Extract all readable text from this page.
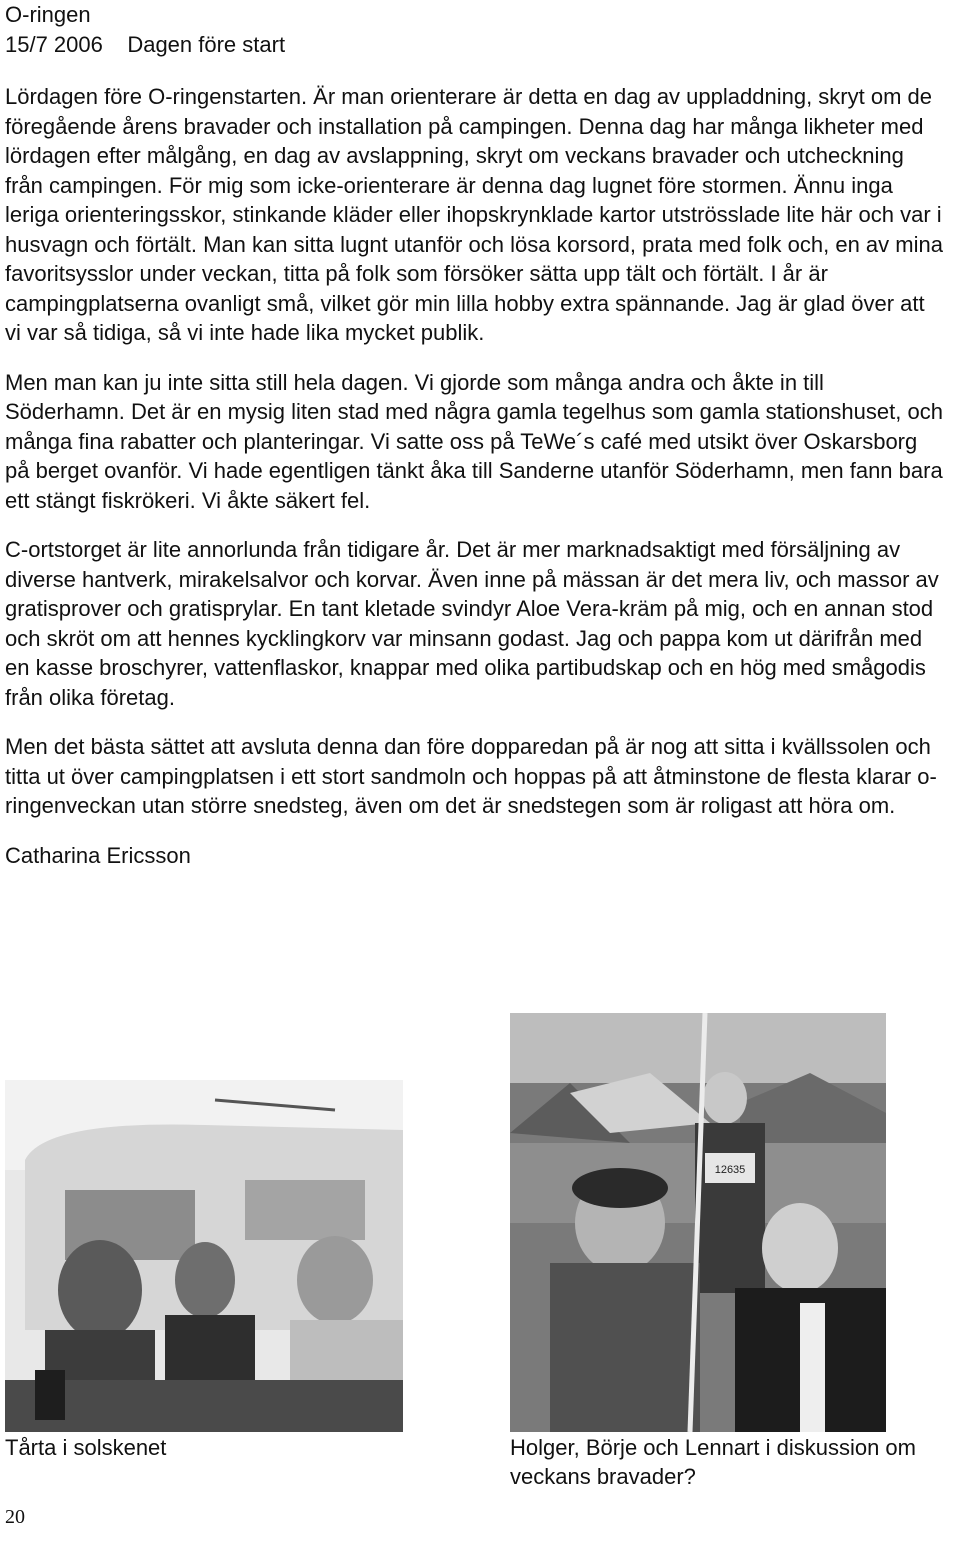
O-ringen
15/7 2006    Dagen före start

Lördagen före O-ringenstarten. Är man orienterare är detta en dag av uppladdning, skryt om de föregående årens bravader och installation på campingen. Denna dag har många likheter med lördagen efter målgång, en dag av avslappning, skryt om veckans bravader och utcheckning från campingen. För mig som icke-orienterare är denna dag lugnet före stormen. Ännu inga leriga orienteringsskor, stinkande kläder eller ihopskrynklade kartor utströsslade lite här och var i husvagn och förtält. Man kan sitta lugnt utanför och lösa korsord, prata med folk och, en av mina favoritsysslor under veckan, titta på folk som försöker sätta upp tält och förtält. I år är campingplatserna ovanligt små, vilket gör min lilla hobby extra spännande. Jag är glad över att vi var så tidiga, så vi inte hade lika mycket publik.

Men man kan ju inte sitta still hela dagen. Vi gjorde som många andra och åkte in till Söderhamn. Det är en mysig liten stad med några gamla tegelhus som gamla stationshuset, och många fina rabatter och planteringar. Vi satte oss på TeWe´s café med utsikt över Oskarsborg på berget ovanför. Vi hade egentligen tänkt åka till Sanderne utanför Söderhamn, men fann bara ett stängt fiskrökeri. Vi åkte säkert fel.

C-ortstorget är lite annorlunda från tidigare år. Det är mer marknadsaktigt med försäljning av diverse hantverk, mirakelsalvor och korvar. Även inne på mässan är det mera liv, och massor av gratisprover och gratisprylar. En tant kletade svindyr Aloe Vera-kräm på mig, och en annan stod och skröt om att hennes kycklingkorv var minsann godast. Jag och pappa kom ut därifrån med en kasse broschyrer, vattenflaskor, knappar med olika partibudskap och en hög med smågodis från olika företag.

Men det bästa sättet att avsluta denna dan före dopparedan på är nog att sitta i kvällssolen och titta ut över campingplatsen i ett stort sandmoln och hoppas på att åtminstone de flesta klarar o-ringenveckan utan större snedsteg, även om det är snedstegen som är roligast att höra om.

Catharina Ericsson

12635
Tårta i solskenet	Holger, Börje och Lennart i diskussion om veckans bravader?
20
